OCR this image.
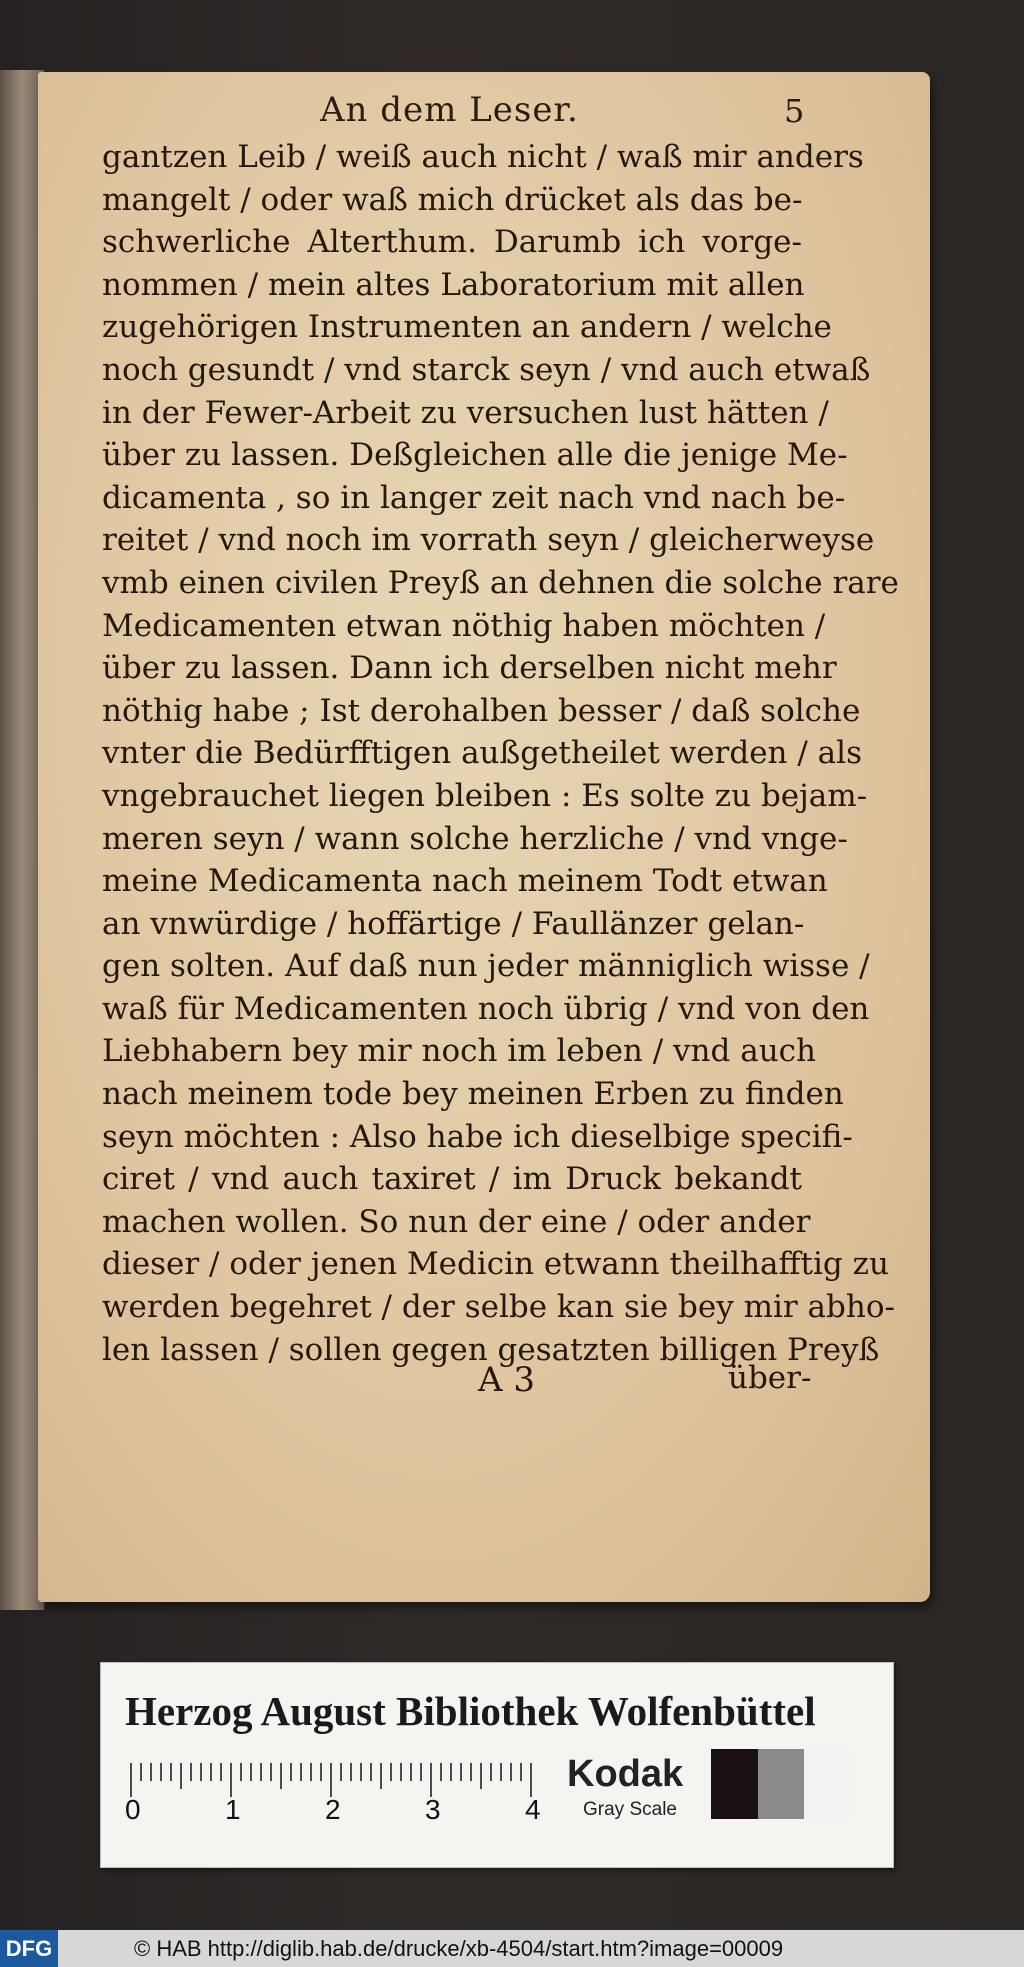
An dem Leser.	5
gantzen Leib / weiß auch nicht / waß mir anders
mangelt / oder waß mich drücket als das be-
schwerliche Alterthum. Darumb ich vorge-
nommen / mein altes Laboratorium mit allen
zugehörigen Instrumenten an andern / welche
noch gesundt / vnd starck seyn / vnd auch etwaß
in der Fewer-Arbeit zu versuchen lust hätten /
über zu lassen. Deßgleichen alle die jenige Me-
dicamenta , so in langer zeit nach vnd nach be-
reitet / vnd noch im vorrath seyn / gleicherweyse
vmb einen civilen Preyß an dehnen die solche rare
Medicamenten etwan nöthig haben möchten /
über zu lassen. Dann ich derselben nicht mehr
nöthig habe ; Ist derohalben besser / daß solche
vnter die Bedürfftigen außgetheilet werden / als
vngebrauchet liegen bleiben : Es solte zu bejam-
meren seyn / wann solche herzliche / vnd vnge-
meine Medicamenta nach meinem Todt etwan
an vnwürdige / hoffärtige / Faullänzer gelan-
gen solten. Auf daß nun jeder männiglich wisse /
waß für Medicamenten noch übrig / vnd von den
Liebhabern bey mir noch im leben / vnd auch
nach meinem tode bey meinen Erben zu finden
seyn möchten : Also habe ich dieselbige specifi-
ciret / vnd auch taxiret / im Druck bekandt
machen wollen. So nun der eine / oder ander
dieser / oder jenen Medicin etwann theilhafftig zu
werden begehret / der selbe kan sie bey mir abho-
len lassen / sollen gegen gesatzten billigen Preyß
A 3	über-
Herzog August Bibliothek Wolfenbüttel
0	1	2	3	4
Kodak
Gray Scale
DFG	© HAB http://diglib.hab.de/drucke/xb-4504/start.htm?image=00009
